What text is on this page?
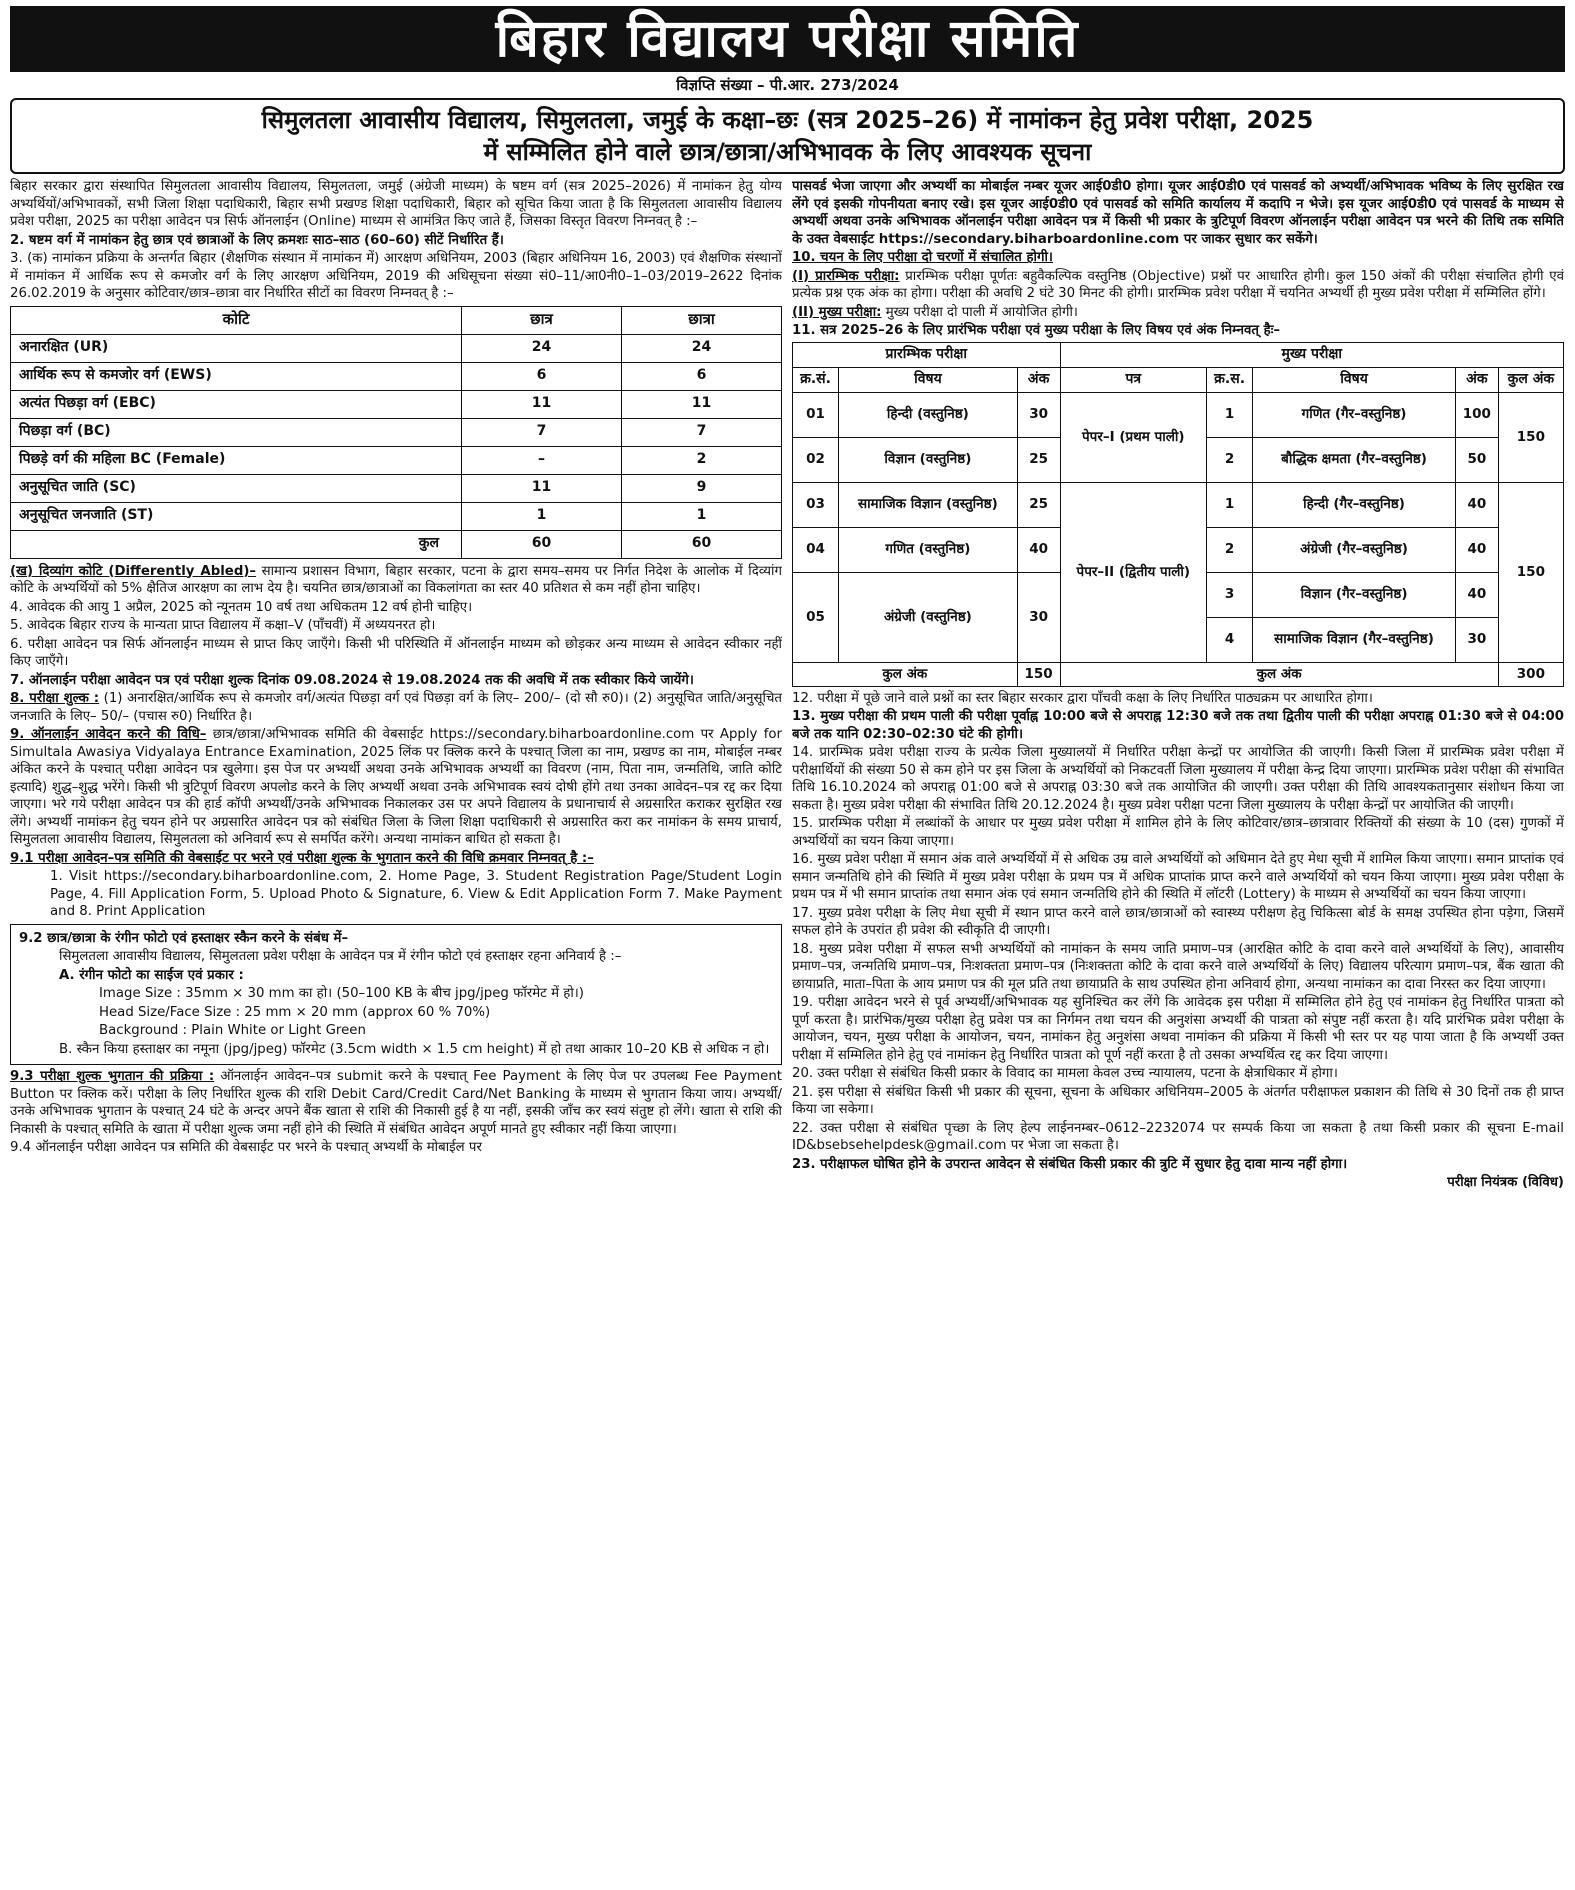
बिहार विद्यालय परीक्षा समिति
विज्ञप्ति संख्या – पी.आर. 273/2024
सिमुलतला आवासीय विद्यालय, सिमुलतला, जमुई के कक्षा–छः (सत्र 2025–26) में नामांकन हेतु प्रवेश परीक्षा, 2025
में सम्मिलित होने वाले छात्र/छात्रा/अभिभावक के लिए आवश्यक सूचना

बिहार सरकार द्वारा संस्थापित सिमुलतला आवासीय विद्यालय, सिमुलतला, जमुई (अंग्रेजी माध्यम) के षष्टम वर्ग (सत्र 2025–2026) में नामांकन हेतु योग्य अभ्यर्थियों/अभिभावकों, सभी जिला शिक्षा पदाधिकारी, बिहार सभी प्रखण्ड शिक्षा पदाधिकारी, बिहार को सूचित किया जाता है कि सिमुलतला आवासीय विद्यालय प्रवेश परीक्षा, 2025 का परीक्षा आवेदन पत्र सिर्फ ऑनलाईन (Online) माध्यम से आमंत्रित किए जाते हैं, जिसका विस्तृत विवरण निम्नवत् है :–

2. षष्टम वर्ग में नामांकन हेतु छात्र एवं छात्राओं के लिए क्रमशः साठ–साठ (60–60) सीटें निर्धारित हैं।

3. (क) नामांकन प्रक्रिया के अन्तर्गत बिहार (शैक्षणिक संस्थान में नामांकन में) आरक्षण अधिनियम, 2003 (बिहार अधिनियम 16, 2003) एवं शैक्षणिक संस्थानों में नामांकन में आर्थिक रूप से कमजोर वर्ग के लिए आरक्षण अधिनियम, 2019 की अधिसूचना संख्या सं0–11/आ0नी0–1–03/2019–2622 दिनांक 26.02.2019 के अनुसार कोटिवार/छात्र–छात्रा वार निर्धारित सीटों का विवरण निम्नवत् है :–

कोटि	छात्र	छात्रा
अनारक्षित (UR)	24	24
आर्थिक रूप से कमजोर वर्ग (EWS)	6	6
अत्यंत पिछड़ा वर्ग (EBC)	11	11
पिछड़ा वर्ग (BC)	7	7
पिछड़े वर्ग की महिला BC (Female)	–	2
अनुसूचित जाति (SC)	11	9
अनुसूचित जनजाति (ST)	1	1
कुल	60	60

(ख) दिव्यांग कोटि (Differently Abled)– सामान्य प्रशासन विभाग, बिहार सरकार, पटना के द्वारा समय–समय पर निर्गत निदेश के आलोक में दिव्यांग कोटि के अभ्यर्थियों को 5% क्षैतिज आरक्षण का लाभ देय है। चयनित छात्र/छात्राओं का विकलांगता का स्तर 40 प्रतिशत से कम नहीं होना चाहिए।

4. आवेदक की आयु 1 अप्रैल, 2025 को न्यूनतम 10 वर्ष तथा अधिकतम 12 वर्ष होनी चाहिए।

5. आवेदक बिहार राज्य के मान्यता प्राप्त विद्यालय में कक्षा–V (पाँचवीं) में अध्ययनरत हो।

6. परीक्षा आवेदन पत्र सिर्फ ऑनलाईन माध्यम से प्राप्त किए जाएँगे। किसी भी परिस्थिति में ऑनलाईन माध्यम को छोड़कर अन्य माध्यम से आवेदन स्वीकार नहीं किए जाएँगे।

7. ऑनलाईन परीक्षा आवेदन पत्र एवं परीक्षा शुल्क दिनांक 09.08.2024 से 19.08.2024 तक की अवधि में तक स्वीकार किये जायेंगे।

8. परीक्षा शुल्क : (1) अनारक्षित/आर्थिक रूप से कमजोर वर्ग/अत्यंत पिछड़ा वर्ग एवं पिछड़ा वर्ग के लिए– 200/– (दो सौ रु0)। (2) अनुसूचित जाति/अनुसूचित जनजाति के लिए– 50/– (पचास रु0) निर्धारित है।

9. ऑनलाईन आवेदन करने की विधि– छात्र/छात्रा/अभिभावक समिति की वेबसाईट https://secondary.biharboardonline.com पर Apply for Simultala Awasiya Vidyalaya Entrance Examination, 2025 लिंक पर क्लिक करने के पश्चात् जिला का नाम, प्रखण्ड का नाम, मोबाईल नम्बर अंकित करने के पश्चात् परीक्षा आवेदन पत्र खुलेगा। इस पेज पर अभ्यर्थी अथवा उनके अभिभावक अभ्यर्थी का विवरण (नाम, पिता नाम, जन्मतिथि, जाति कोटि इत्यादि) शुद्ध–शुद्ध भरेंगे। किसी भी त्रुटिपूर्ण विवरण अपलोड करने के लिए अभ्यर्थी अथवा उनके अभिभावक स्वयं दोषी होंगे तथा उनका आवेदन–पत्र रद्द कर दिया जाएगा। भरे गये परीक्षा आवेदन पत्र की हार्ड कॉपी अभ्यर्थी/उनके अभिभावक निकालकर उस पर अपने विद्यालय के प्रधानाचार्य से अग्रसारित कराकर सुरक्षित रख लेंगे। अभ्यर्थी नामांकन हेतु चयन होने पर अग्रसारित आवेदन पत्र को संबंधित जिला के जिला शिक्षा पदाधिकारी से अग्रसारित करा कर नामांकन के समय प्राचार्य, सिमुलतला आवासीय विद्यालय, सिमुलतला को अनिवार्य रूप से समर्पित करेंगे। अन्यथा नामांकन बाधित हो सकता है।

9.1 परीक्षा आवेदन–पत्र समिति की वेबसाईट पर भरने एवं परीक्षा शुल्क के भुगतान करने की विधि क्रमवार निम्नवत् है :–

1. Visit https://secondary.biharboardonline.com, 2. Home Page, 3. Student Registration Page/Student Login Page, 4. Fill Application Form, 5. Upload Photo & Signature, 6. View & Edit Application Form 7. Make Payment and 8. Print Application

9.2 छात्र/छात्रा के रंगीन फोटो एवं हस्ताक्षर स्कैन करने के संबंध में–

सिमुलतला आवासीय विद्यालय, सिमुलतला प्रवेश परीक्षा के आवेदन पत्र में रंगीन फोटो एवं हस्ताक्षर रहना अनिवार्य है :–

A. रंगीन फोटो का साईज एवं प्रकार :

Image Size : 35mm × 30 mm का हो। (50–100 KB के बीच jpg/jpeg फॉरमेट में हो।)

Head Size/Face Size : 25 mm × 20 mm (approx 60 % 70%)

Background : Plain White or Light Green

B. स्कैन किया हस्ताक्षर का नमूना (jpg/jpeg) फॉरमेट (3.5cm width × 1.5 cm height) में हो तथा आकार 10–20 KB से अधिक न हो।

9.3 परीक्षा शुल्क भुगतान की प्रक्रिया : ऑनलाईन आवेदन–पत्र submit करने के पश्चात् Fee Payment के लिए पेज पर उपलब्ध Fee Payment Button पर क्लिक करें। परीक्षा के लिए निर्धारित शुल्क की राशि Debit Card/Credit Card/Net Banking के माध्यम से भुगतान किया जाय। अभ्यर्थी/उनके अभिभावक भुगतान के पश्चात् 24 घंटे के अन्दर अपने बैंक खाता से राशि की निकासी हुई है या नहीं, इसकी जाँच कर स्वयं संतुष्ट हो लेंगे। खाता से राशि की निकासी के पश्चात् समिति के खाता में परीक्षा शुल्क जमा नहीं होने की स्थिति में संबंधित आवेदन अपूर्ण मानते हुए स्वीकार नहीं किया जाएगा।

9.4 ऑनलाईन परीक्षा आवेदन पत्र समिति की वेबसाईट पर भरने के पश्चात् अभ्यर्थी के मोबाईल पर

पासवर्ड भेजा जाएगा और अभ्यर्थी का मोबाईल नम्बर यूजर आई0डी0 होगा। यूजर आई0डी0 एवं पासवर्ड को अभ्यर्थी/अभिभावक भविष्य के लिए सुरक्षित रख लेंगे एवं इसकी गोपनीयता बनाए रखे। इस यूजर आई0डी0 एवं पासवर्ड को समिति कार्यालय में कदापि न भेजे। इस यूजर आई0डी0 एवं पासवर्ड के माध्यम से अभ्यर्थी अथवा उनके अभिभावक ऑनलाईन परीक्षा आवेदन पत्र में किसी भी प्रकार के त्रुटिपूर्ण विवरण ऑनलाईन परीक्षा आवेदन पत्र भरने की तिथि तक समिति के उक्त वेबसाईट https://secondary.biharboardonline.com पर जाकर सुधार कर सकेंगे।

10. चयन के लिए परीक्षा दो चरणों में संचालित होगी।

(I) प्रारम्भिक परीक्षा: प्रारम्भिक परीक्षा पूर्णतः बहुवैकल्पिक वस्तुनिष्ठ (Objective) प्रश्नों पर आधारित होगी। कुल 150 अंकों की परीक्षा संचालित होगी एवं प्रत्येक प्रश्न एक अंक का होगा। परीक्षा की अवधि 2 घंटे 30 मिनट की होगी। प्रारम्भिक प्रवेश परीक्षा में चयनित अभ्यर्थी ही मुख्य प्रवेश परीक्षा में सम्मिलित होंगे।

(II) मुख्य परीक्षा: मुख्य परीक्षा दो पाली में आयोजित होगी।

11. सत्र 2025–26 के लिए प्रारंभिक परीक्षा एवं मुख्य परीक्षा के लिए विषय एवं अंक निम्नवत् हैः–

प्रारम्भिक परीक्षा			मुख्य परीक्षा				
क्र.सं.	विषय	अंक	पत्र	क्र.स.	विषय	अंक	कुल अंक
01	हिन्दी (वस्तुनिष्ठ)	30	पेपर–I (प्रथम पाली)	1	गणित (गैर–वस्तुनिष्ठ)	100	150
02	विज्ञान (वस्तुनिष्ठ)	25		2	बौद्धिक क्षमता (गैर–वस्तुनिष्ठ)	50	
03	सामाजिक विज्ञान (वस्तुनिष्ठ)	25	पेपर–II (द्वितीय पाली)	1	हिन्दी (गैर–वस्तुनिष्ठ)	40	150
04	गणित (वस्तुनिष्ठ)	40		2	अंग्रेजी (गैर–वस्तुनिष्ठ)	40	
05	अंग्रेजी (वस्तुनिष्ठ)	30		3	विज्ञान (गैर–वस्तुनिष्ठ)	40	
				4	सामाजिक विज्ञान (गैर–वस्तुनिष्ठ)	30	
कुल अंक		150	कुल अंक				300

12. परीक्षा में पूछे जाने वाले प्रश्नों का स्तर बिहार सरकार द्वारा पाँचवी कक्षा के लिए निर्धारित पाठ्यक्रम पर आधारित होगा।

13. मुख्य परीक्षा की प्रथम पाली की परीक्षा पूर्वाह्न 10:00 बजे से अपराह्न 12:30 बजे तक तथा द्वितीय पाली की परीक्षा अपराह्न 01:30 बजे से 04:00 बजे तक यानि 02:30–02:30 घंटे की होगी।

14. प्रारम्भिक प्रवेश परीक्षा राज्य के प्रत्येक जिला मुख्यालयों में निर्धारित परीक्षा केन्द्रों पर आयोजित की जाएगी। किसी जिला में प्रारम्भिक प्रवेश परीक्षा में परीक्षार्थियों की संख्या 50 से कम होने पर इस जिला के अभ्यर्थियों को निकटवर्ती जिला मुख्यालय में परीक्षा केन्द्र दिया जाएगा। प्रारम्भिक प्रवेश परीक्षा की संभावित तिथि 16.10.2024 को अपराह्न 01:00 बजे से अपराह्न 03:30 बजे तक आयोजित की जाएगी। उक्त परीक्षा की तिथि आवश्यकतानुसार संशोधन किया जा सकता है। मुख्य प्रवेश परीक्षा की संभावित तिथि 20.12.2024 है। मुख्य प्रवेश परीक्षा पटना जिला मुख्यालय के परीक्षा केन्द्रों पर आयोजित की जाएगी।

15. प्रारम्भिक परीक्षा में लब्धांकों के आधार पर मुख्य प्रवेश परीक्षा में शामिल होने के लिए कोटिवार/छात्र–छात्रावार रिक्तियों की संख्या के 10 (दस) गुणकों में अभ्यर्थियों का चयन किया जाएगा।

16. मुख्य प्रवेश परीक्षा में समान अंक वाले अभ्यर्थियों में से अधिक उम्र वाले अभ्यर्थियों को अधिमान देते हुए मेधा सूची में शामिल किया जाएगा। समान प्राप्तांक एवं समान जन्मतिथि होने की स्थिति में मुख्य प्रवेश परीक्षा के प्रथम पत्र में अधिक प्राप्तांक प्राप्त करने वाले अभ्यर्थियों को चयन किया जाएगा। मुख्य प्रवेश परीक्षा के प्रथम पत्र में भी समान प्राप्तांक तथा समान अंक एवं समान जन्मतिथि होने की स्थिति में लॉटरी (Lottery) के माध्यम से अभ्यर्थियों का चयन किया जाएगा।

17. मुख्य प्रवेश परीक्षा के लिए मेधा सूची में स्थान प्राप्त करने वाले छात्र/छात्राओं को स्वास्थ्य परीक्षण हेतु चिकित्सा बोर्ड के समक्ष उपस्थित होना पड़ेगा, जिसमें सफल होने के उपरांत ही प्रवेश की स्वीकृति दी जाएगी।

18. मुख्य प्रवेश परीक्षा में सफल सभी अभ्यर्थियों को नामांकन के समय जाति प्रमाण–पत्र (आरक्षित कोटि के दावा करने वाले अभ्यर्थियों के लिए), आवासीय प्रमाण–पत्र, जन्मतिथि प्रमाण–पत्र, निःशक्तता प्रमाण–पत्र (निःशक्तता कोटि के दावा करने वाले अभ्यर्थियों के लिए) विद्यालय परित्याग प्रमाण–पत्र, बैंक खाता की छायाप्रति, माता–पिता के आय प्रमाण पत्र की मूल प्रति तथा छायाप्रति के साथ उपस्थित होना अनिवार्य होगा, अन्यथा नामांकन का दावा निरस्त कर दिया जाएगा।

19. परीक्षा आवेदन भरने से पूर्व अभ्यर्थी/अभिभावक यह सुनिश्चित कर लेंगे कि आवेदक इस परीक्षा में सम्मिलित होने हेतु एवं नामांकन हेतु निर्धारित पात्रता को पूर्ण करता है। प्रारंभिक/मुख्य परीक्षा हेतु प्रवेश पत्र का निर्गमन तथा चयन की अनुशंसा अभ्यर्थी की पात्रता को संपुष्ट नहीं करता है। यदि प्रारंभिक प्रवेश परीक्षा के आयोजन, चयन, मुख्य परीक्षा के आयोजन, चयन, नामांकन हेतु अनुशंसा अथवा नामांकन की प्रक्रिया में किसी भी स्तर पर यह पाया जाता है कि अभ्यर्थी उक्त परीक्षा में सम्मिलित होने हेतु एवं नामांकन हेतु निर्धारित पात्रता को पूर्ण नहीं करता है तो उसका अभ्यर्थित्व रद्द कर दिया जाएगा।

20. उक्त परीक्षा से संबंधित किसी प्रकार के विवाद का मामला केवल उच्च न्यायालय, पटना के क्षेत्राधिकार में होगा।

21. इस परीक्षा से संबंधित किसी भी प्रकार की सूचना, सूचना के अधिकार अधिनियम–2005 के अंतर्गत परीक्षाफल प्रकाशन की तिथि से 30 दिनों तक ही प्राप्त किया जा सकेगा।

22. उक्त परीक्षा से संबंधित पृच्छा के लिए हेल्प लाईननम्बर–0612–2232074 पर सम्पर्क किया जा सकता है तथा किसी प्रकार की सूचना E-mail ID&bsebsehelpdesk@gmail.com पर भेजा जा सकता है।

23. परीक्षाफल घोषित होने के उपरान्त आवेदन से संबंधित किसी प्रकार की त्रुटि में सुधार हेतु दावा मान्य नहीं होगा।

परीक्षा नियंत्रक (विविध)
